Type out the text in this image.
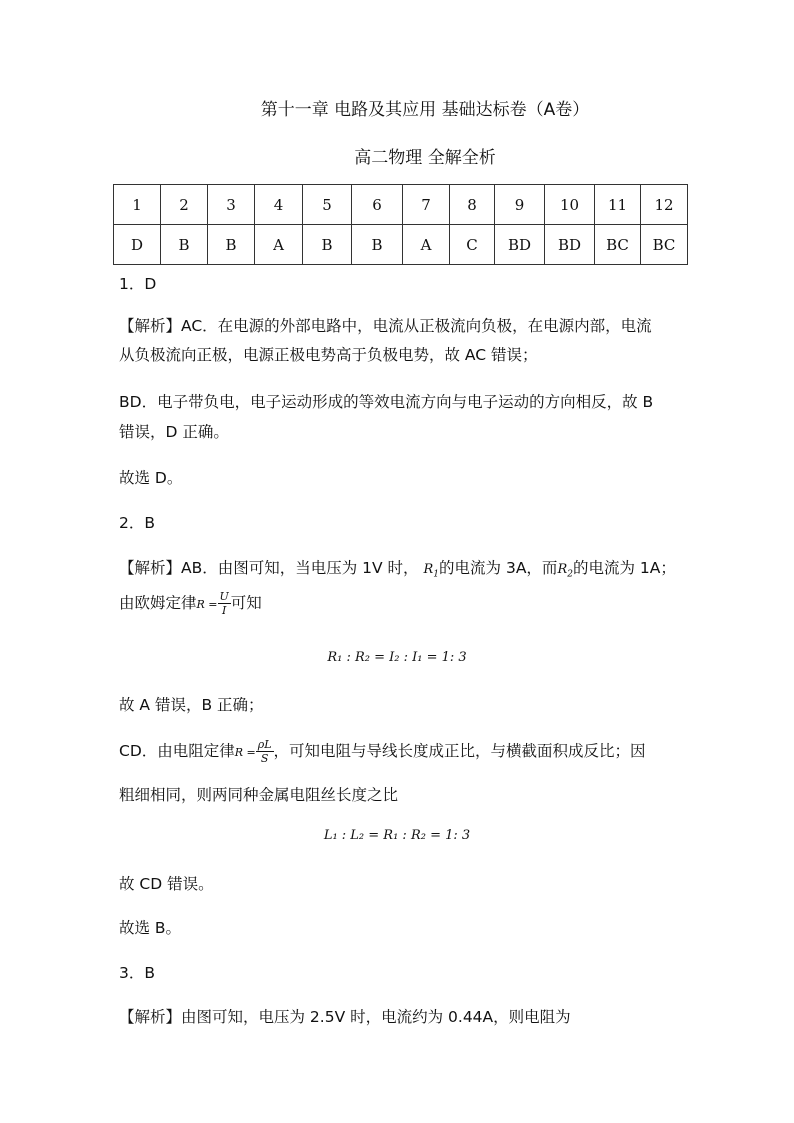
第十一章 电路及其应用 基础达标卷（A卷）
高二物理 全解全析
1	2	3	4	5	6	7	8	9	10	11	12
D	B	B	A	B	B	A	C	BD	BD	BC	BC
1．D
【解析】AC．在电源的外部电路中，电流从正极流向负极，在电源内部，电流
从负极流向正极，电源正极电势高于负极电势，故 AC 错误；
BD．电子带负电，电子运动形成的等效电流方向与电子运动的方向相反，故 B
错误，D 正确。
故选 D。
2．B
【解析】AB．由图可知，当电压为 1V 时， $R_1$的电流为 3A，而$R_2$的电流为 1A；
由欧姆定律$R = \frac{U}{I}$ 可知
R₁ : R₂ = I₂ : I₁ = 1: 3
故 A 错误，B 正确；
CD．由电阻定律$R = \frac{\rho L}{S}$ ，可知电阻与导线长度成正比，与横截面积成反比；因
粗细相同，则两同种金属电阻丝长度之比
L₁ : L₂ = R₁ : R₂ = 1: 3
故 CD 错误。
故选 B。
3．B
【解析】由图可知，电压为 2.5V 时，电流约为 0.44A，则电阻为
